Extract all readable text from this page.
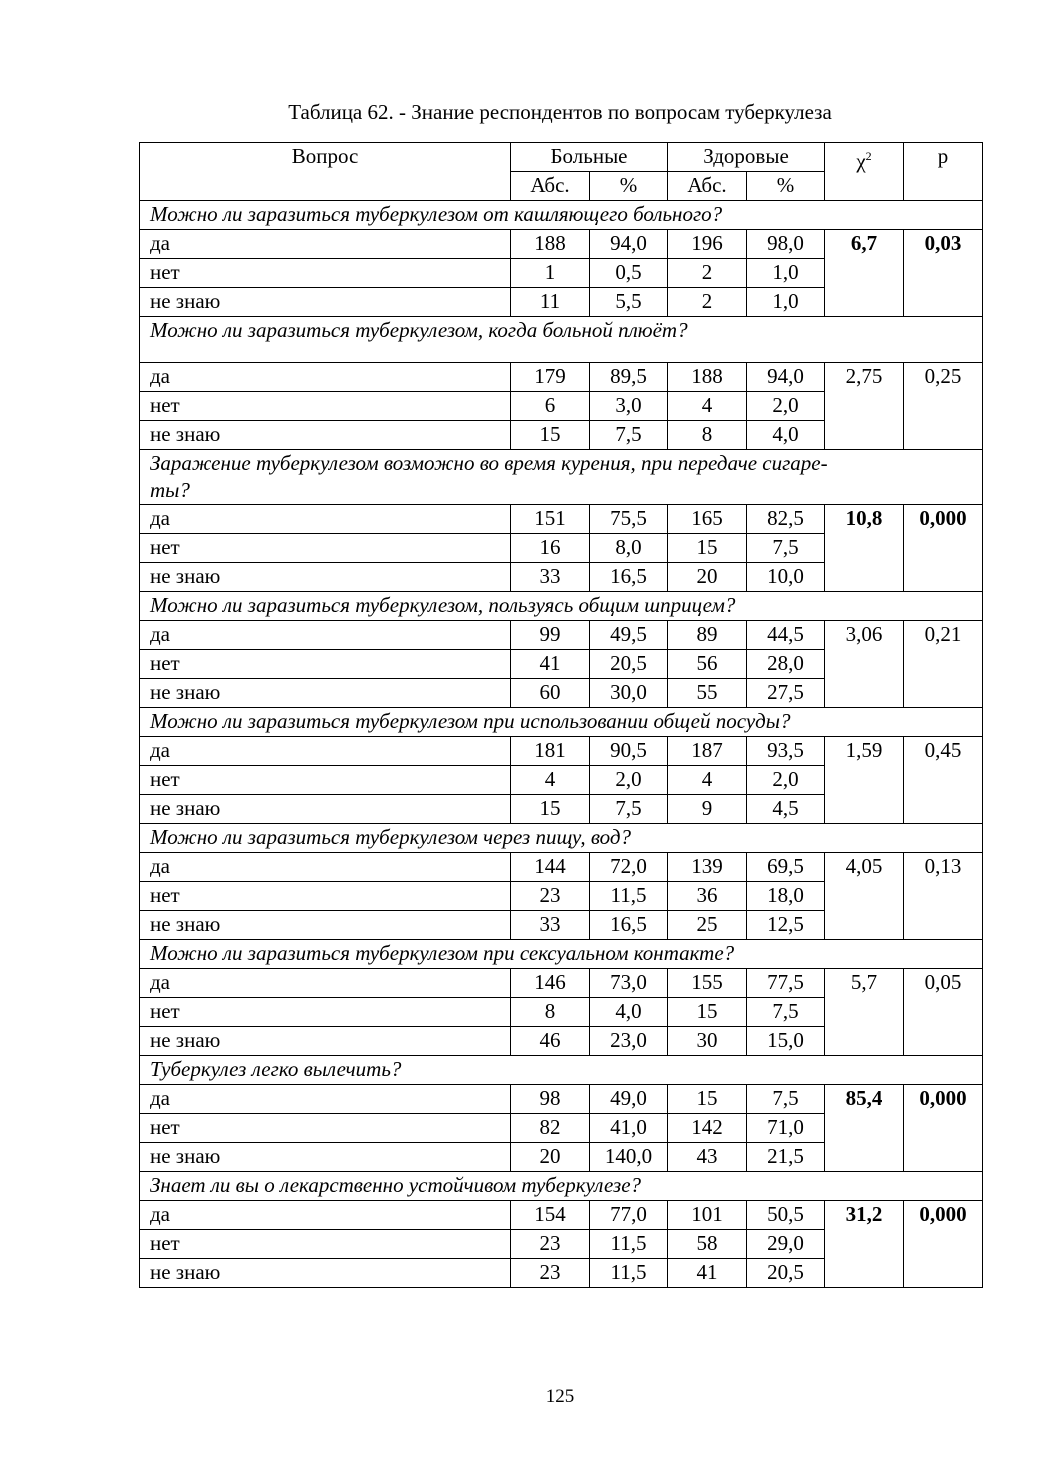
Таблица 62. - Знание респондентов по вопросам туберкулеза
Вопрос	Больные		Здоровые		$\chi^2$	р
	Абс.	%	Абс.	%		
Можно ли заразиться туберкулезом от кашляющего больного?						
да	188	94,0	196	98,0	6,7	0,03
нет	1	0,5	2	1,0		
не знаю	11	5,5	2	1,0		
Можно ли заразиться туберкулезом, когда больной плюёт?						
да	179	89,5	188	94,0	2,75	0,25
нет	6	3,0	4	2,0		
не знаю	15	7,5	8	4,0		
Заражение туберкулезом возможно во время курения, при передаче сигаре-
ты?						
да	151	75,5	165	82,5	10,8	0,000
нет	16	8,0	15	7,5		
не знаю	33	16,5	20	10,0		
Можно ли заразиться туберкулезом, пользуясь общим шприцем?						
да	99	49,5	89	44,5	3,06	0,21
нет	41	20,5	56	28,0		
не знаю	60	30,0	55	27,5		
Можно ли заразиться туберкулезом при использовании общей посуды?						
да	181	90,5	187	93,5	1,59	0,45
нет	4	2,0	4	2,0		
не знаю	15	7,5	9	4,5		
Можно ли заразиться туберкулезом через пищу, вод?						
да	144	72,0	139	69,5	4,05	0,13
нет	23	11,5	36	18,0		
не знаю	33	16,5	25	12,5		
Можно ли заразиться туберкулезом при сексуальном контакте?						
да	146	73,0	155	77,5	5,7	0,05
нет	8	4,0	15	7,5		
не знаю	46	23,0	30	15,0		
Туберкулез легко вылечить?						
да	98	49,0	15	7,5	85,4	0,000
нет	82	41,0	142	71,0		
не знаю	20	140,0	43	21,5		
Знает ли вы о лекарственно устойчивом туберкулезе?						
да	154	77,0	101	50,5	31,2	0,000
нет	23	11,5	58	29,0		
не знаю	23	11,5	41	20,5		
125
